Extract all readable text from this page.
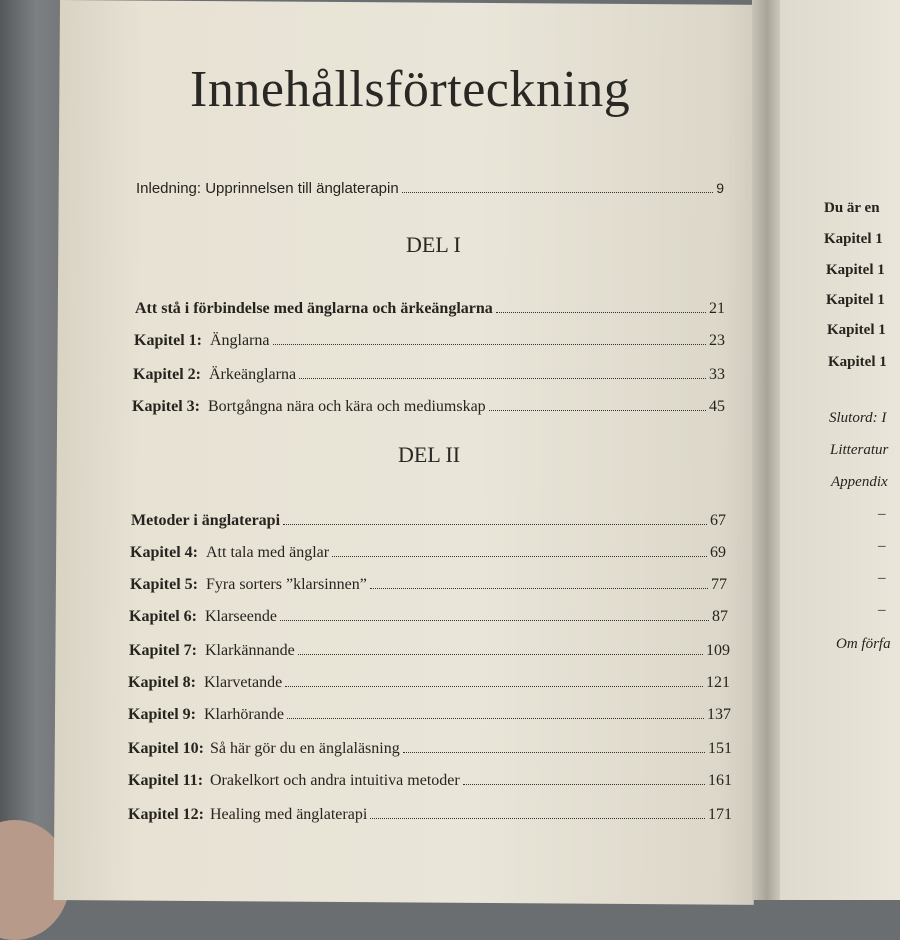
Innehållsförteckning
Inledning: Upprinnelsen till änglaterapin	9
DEL I
Att stå i förbindelse med änglarna och ärkeänglarna	21
Kapitel 1: Änglarna	23
Kapitel 2: Ärkeänglarna	33
Kapitel 3: Bortgångna nära och kära och mediumskap	45
DEL II
Metoder i änglaterapi	67
Kapitel 4: Att tala med änglar	69
Kapitel 5: Fyra sorters ”klarsinnen”	77
Kapitel 6: Klarseende	87
Kapitel 7: Klarkännande	109
Kapitel 8: Klarvetande	121
Kapitel 9: Klarhörande	137
Kapitel 10: Så här gör du en änglaläsning	151
Kapitel 11: Orakelkort och andra intuitiva metoder	161
Kapitel 12: Healing med änglaterapi	171
Du är en
Kapitel 1
Kapitel 1
Kapitel 1
Kapitel 1
Kapitel 1
Slutord: I
Litteratur
Appendix
–
–
–
–
Om förfa
